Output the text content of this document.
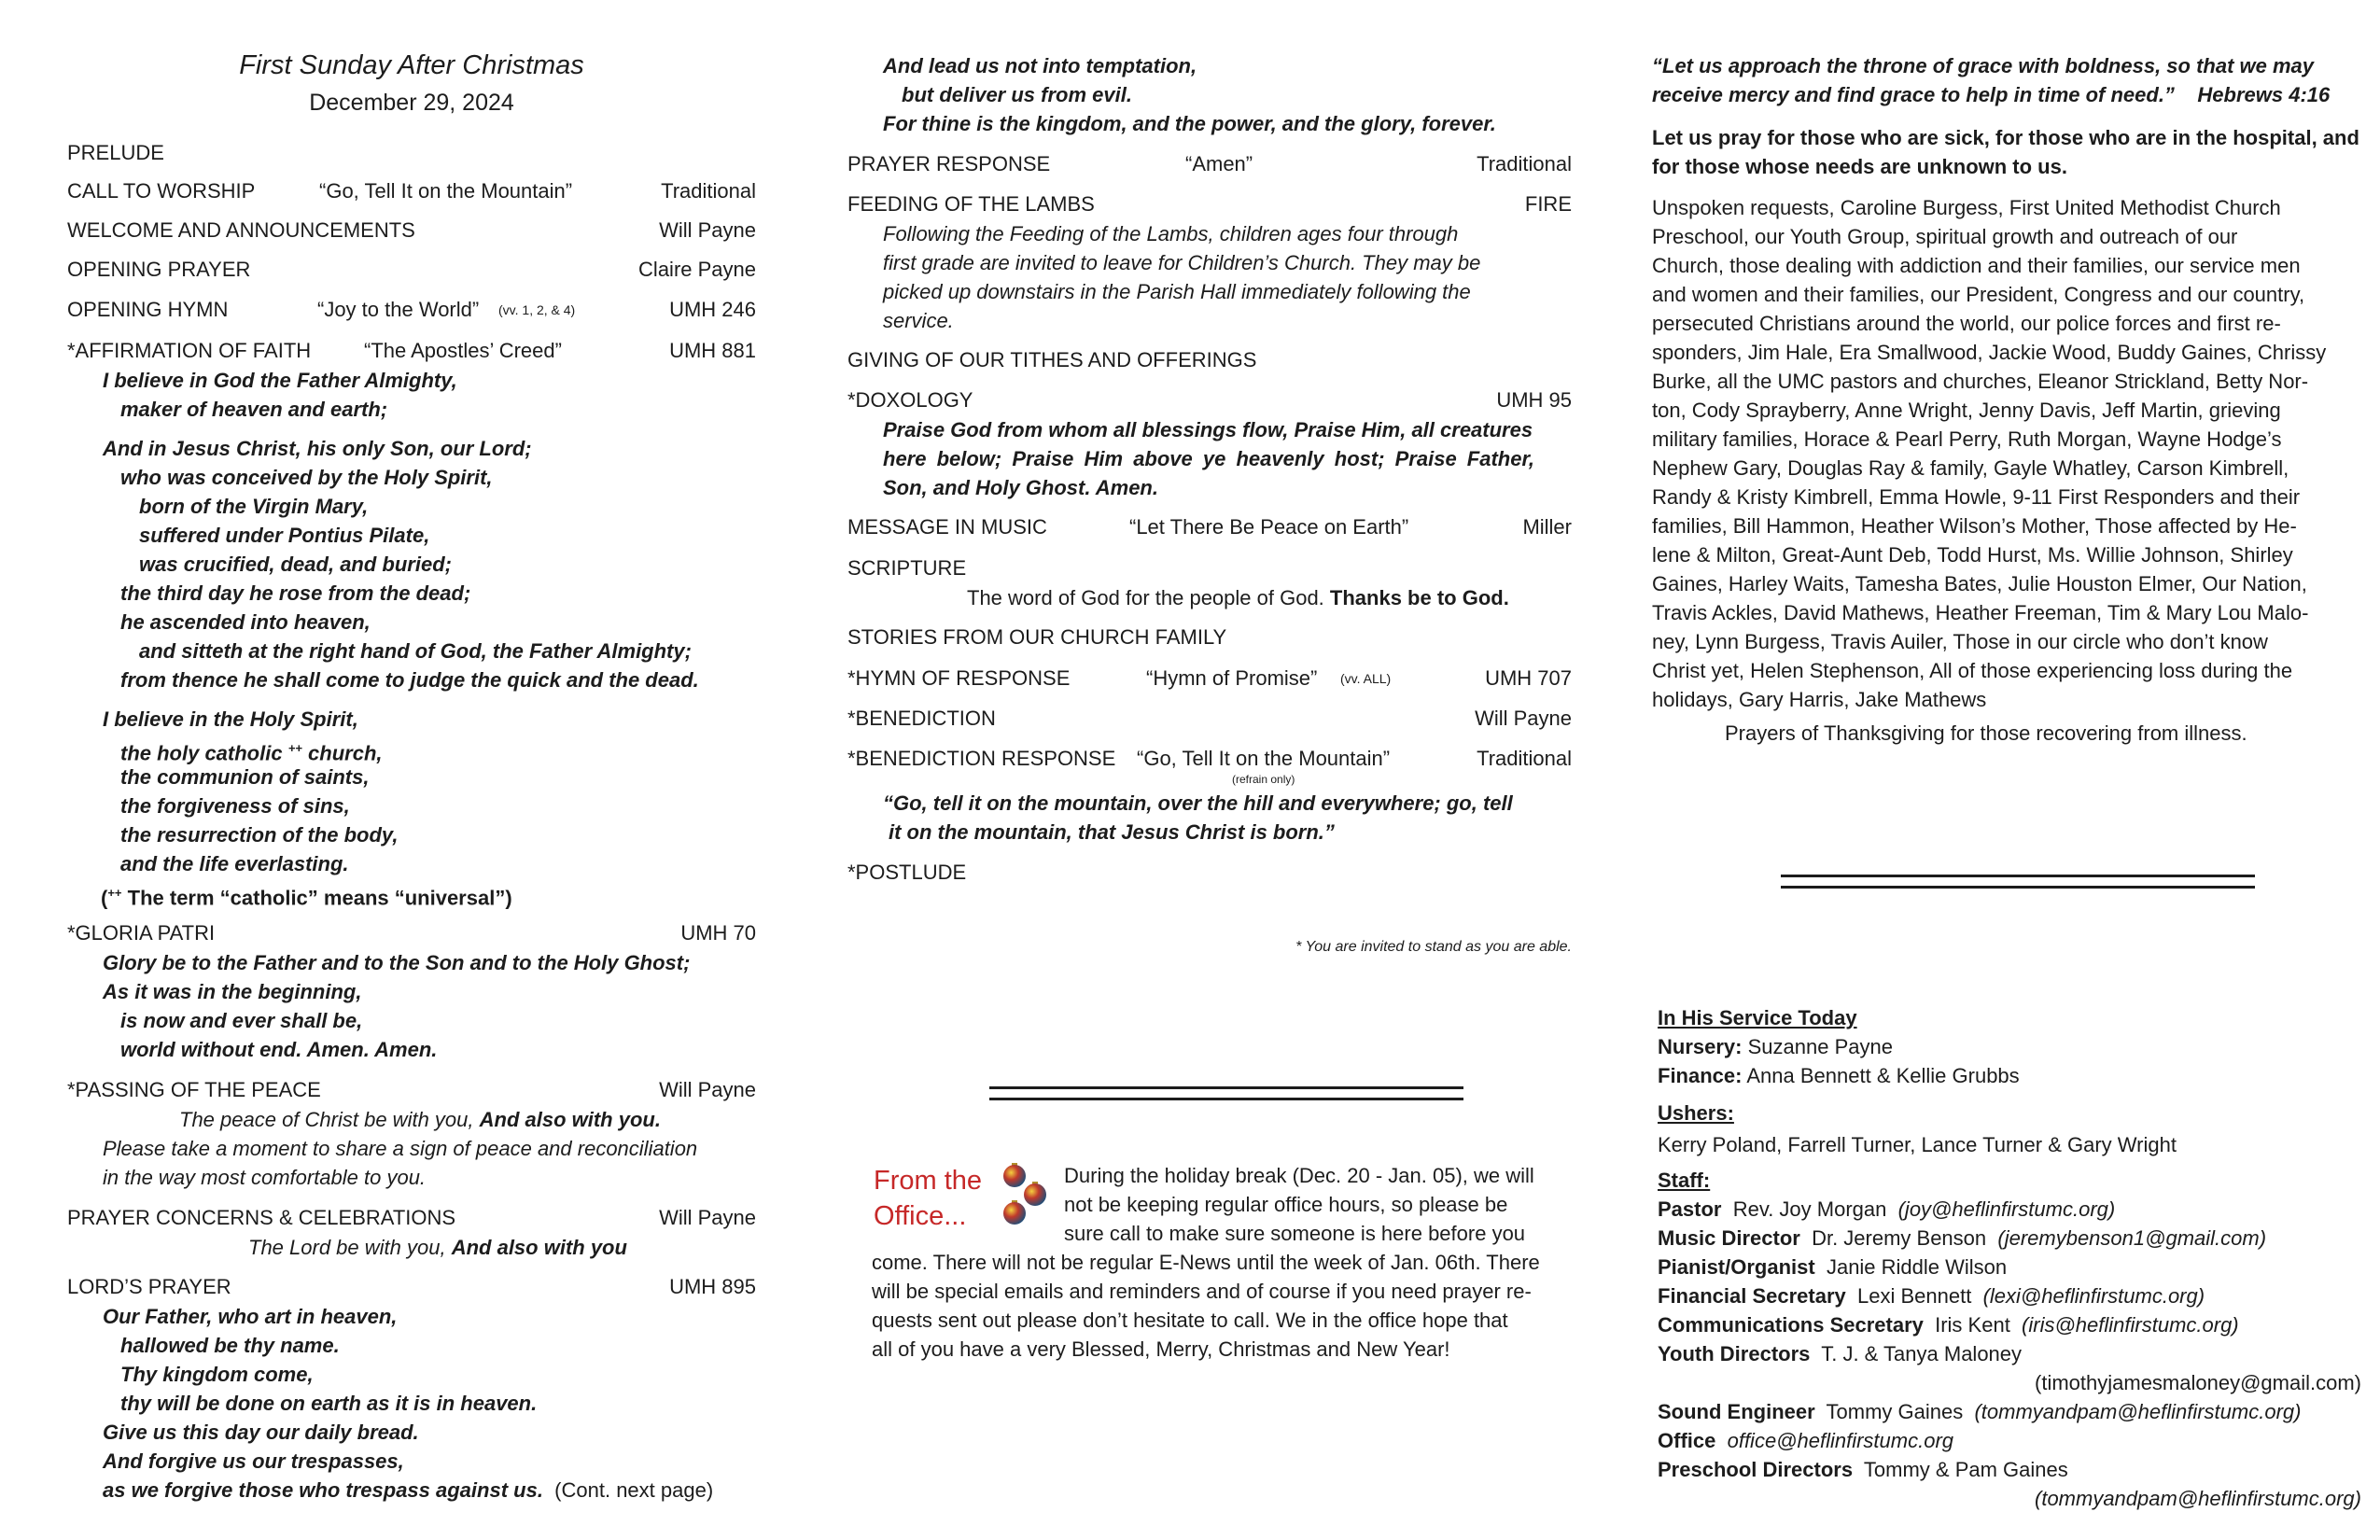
First Sunday After Christmas
December 29, 2024
PRELUDE
CALL TO WORSHIP	“Go, Tell It on the Mountain”	Traditional
WELCOME AND ANNOUNCEMENTS	Will Payne
OPENING PRAYER	Claire Payne
OPENING HYMN	“Joy to the World” (vv. 1, 2, & 4)	UMH 246
*AFFIRMATION OF FAITH	“The Apostles’ Creed”	UMH 881
I believe in God the Father Almighty,
maker of heaven and earth;
And in Jesus Christ, his only Son, our Lord;
who was conceived by the Holy Spirit,
born of the Virgin Mary,
suffered under Pontius Pilate,
was crucified, dead, and buried;
the third day he rose from the dead;
he ascended into heaven,
and sitteth at the right hand of God, the Father Almighty;
from thence he shall come to judge the quick and the dead.
I believe in the Holy Spirit,
the holy catholic ++ church,
the communion of saints,
the forgiveness of sins,
the resurrection of the body,
and the life everlasting.
(++ The term “catholic” means “universal”)
*GLORIA PATRI	UMH 70
Glory be to the Father and to the Son and to the Holy Ghost;
As it was in the beginning,
is now and ever shall be,
world without end. Amen. Amen.
*PASSING OF THE PEACE	Will Payne
The peace of Christ be with you, And also with you.
Please take a moment to share a sign of peace and reconciliation
in the way most comfortable to you.
PRAYER CONCERNS & CELEBRATIONS	Will Payne
The Lord be with you, And also with you
LORD’S PRAYER	UMH 895
Our Father, who art in heaven,
hallowed be thy name.
Thy kingdom come,
thy will be done on earth as it is in heaven.
Give us this day our daily bread.
And forgive us our trespasses,
as we forgive those who trespass against us. (Cont. next page)
And lead us not into temptation,
but deliver us from evil.
For thine is the kingdom, and the power, and the glory, forever.
PRAYER RESPONSE	“Amen”	Traditional
FEEDING OF THE LAMBS	FIRE
Following the Feeding of the Lambs, children ages four through
first grade are invited to leave for Children’s Church. They may be
picked up downstairs in the Parish Hall immediately following the
service.
GIVING OF OUR TITHES AND OFFERINGS
*DOXOLOGY	UMH 95
Praise God from whom all blessings flow, Praise Him, all creatures
here below; Praise Him above ye heavenly host; Praise Father,
Son, and Holy Ghost. Amen.
MESSAGE IN MUSIC	“Let There Be Peace on Earth”	Miller
SCRIPTURE
The word of God for the people of God. Thanks be to God.
STORIES FROM OUR CHURCH FAMILY
*HYMN OF RESPONSE	“Hymn of Promise” (vv. ALL)	UMH 707
*BENEDICTION	Will Payne
*BENEDICTION RESPONSE “Go, Tell It on the Mountain”	Traditional
(refrain only)
“Go, tell it on the mountain, over the hill and everywhere; go, tell
it on the mountain, that Jesus Christ is born.”
*POSTLUDE
* You are invited to stand as you are able.
From the
Office...
During the holiday break (Dec. 20 - Jan. 05), we will
not be keeping regular office hours, so please be
sure call to make sure someone is here before you
come. There will not be regular E-News until the week of Jan. 06th. There
will be special emails and reminders and of course if you need prayer re-
quests sent out please don’t hesitate to call. We in the office hope that
all of you have a very Blessed, Merry, Christmas and New Year!
“Let us approach the throne of grace with boldness, so that we may
receive mercy and find grace to help in time of need.” Hebrews 4:16
Let us pray for those who are sick, for those who are in the hospital, and
for those whose needs are unknown to us.
Unspoken requests, Caroline Burgess, First United Methodist Church
Preschool, our Youth Group, spiritual growth and outreach of our
Church, those dealing with addiction and their families, our service men
and women and their families, our President, Congress and our country,
persecuted Christians around the world, our police forces and first re-
sponders, Jim Hale, Era Smallwood, Jackie Wood, Buddy Gaines, Chrissy
Burke, all the UMC pastors and churches, Eleanor Strickland, Betty Nor-
ton, Cody Sprayberry, Anne Wright, Jenny Davis, Jeff Martin, grieving
military families, Horace & Pearl Perry, Ruth Morgan, Wayne Hodge’s
Nephew Gary, Douglas Ray & family, Gayle Whatley, Carson Kimbrell,
Randy & Kristy Kimbrell, Emma Howle, 9-11 First Responders and their
families, Bill Hammon, Heather Wilson’s Mother, Those affected by He-
lene & Milton, Great-Aunt Deb, Todd Hurst, Ms. Willie Johnson, Shirley
Gaines, Harley Waits, Tamesha Bates, Julie Houston Elmer, Our Nation,
Travis Ackles, David Mathews, Heather Freeman, Tim & Mary Lou Malo-
ney, Lynn Burgess, Travis Auiler, Those in our circle who don’t know
Christ yet, Helen Stephenson, All of those experiencing loss during the
holidays, Gary Harris, Jake Mathews
Prayers of Thanksgiving for those recovering from illness.
In His Service Today
Nursery: Suzanne Payne
Finance: Anna Bennett & Kellie Grubbs
Ushers:
Kerry Poland, Farrell Turner, Lance Turner & Gary Wright
Staff:
Pastor Rev. Joy Morgan (joy@heflinfirstumc.org)
Music Director Dr. Jeremy Benson (jeremybenson1@gmail.com)
Pianist/Organist Janie Riddle Wilson
Financial Secretary Lexi Bennett (lexi@heflinfirstumc.org)
Communications Secretary Iris Kent (iris@heflinfirstumc.org)
Youth Directors T. J. & Tanya Maloney
(timothyjamesmaloney@gmail.com)
Sound Engineer Tommy Gaines (tommyandpam@heflinfirstumc.org)
Office office@heflinfirstumc.org
Preschool Directors Tommy & Pam Gaines
(tommyandpam@heflinfirstumc.org)
